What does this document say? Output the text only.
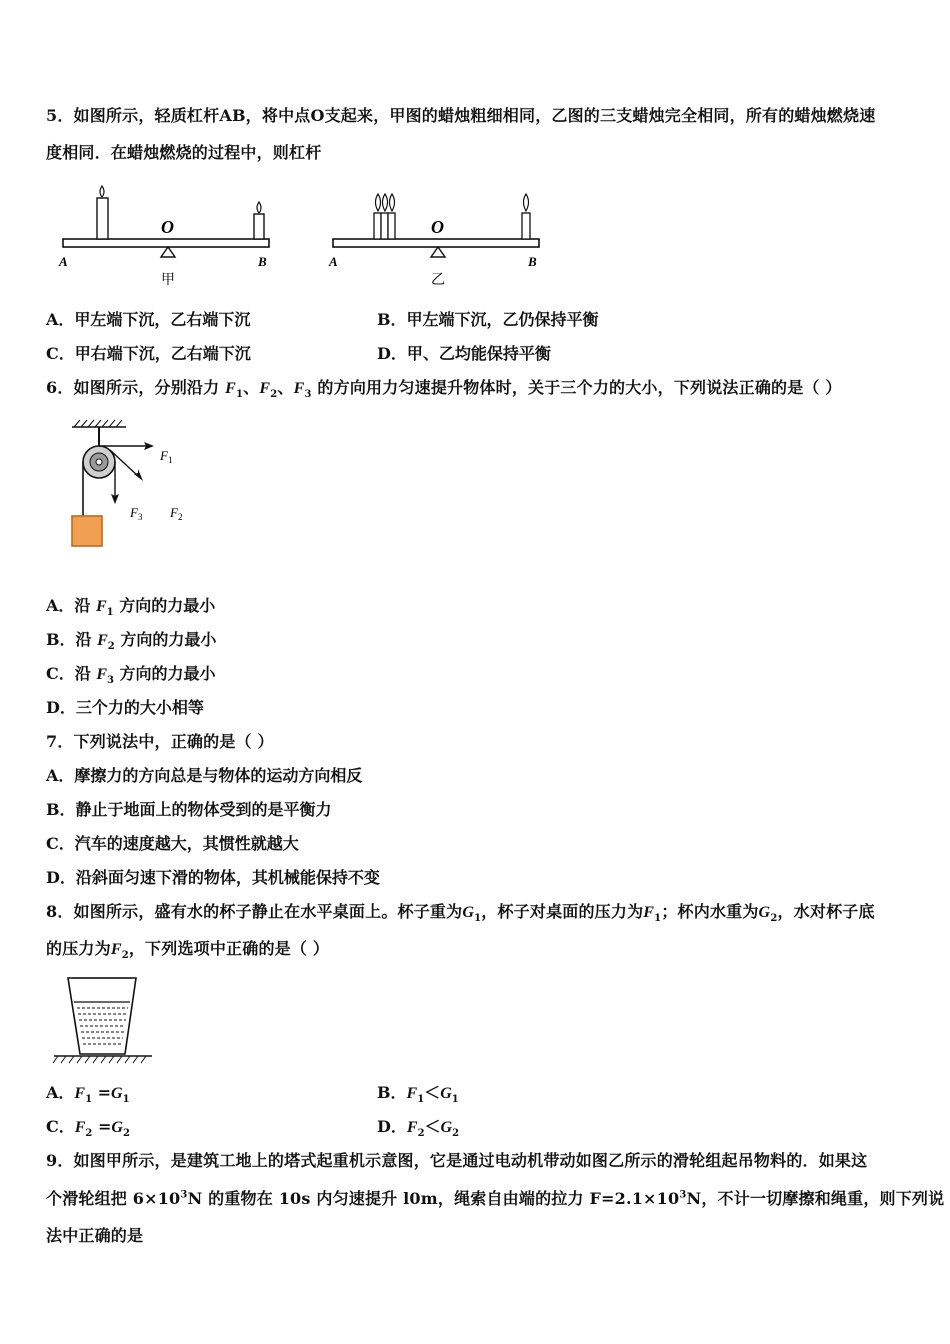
5．如图所示，轻质杠杆AB，将中点O支起来，甲图的蜡烛粗细相同，乙图的三支蜡烛完全相同，所有的蜡烛燃烧速
度相同．在蜡烛燃烧的过程中，则杠杆
O
A	B
甲
O
A	B
乙
A．甲左端下沉，乙右端下沉	B．甲左端下沉，乙仍保持平衡
C．甲右端下沉，乙右端下沉	D．甲、乙均能保持平衡
6．如图所示，分别沿力 $F_1$、$F_2$、$F_3$ 的方向用力匀速提升物体时，关于三个力的大小，下列说法正确的是（ ）
F 1
F 2
F 3
A．沿 $F_1$ 方向的力最小
B．沿 $F_2$ 方向的力最小
C．沿 $F_3$ 方向的力最小
D．三个力的大小相等
7．下列说法中，正确的是（ ）
A．摩擦力的方向总是与物体的运动方向相反
B．静止于地面上的物体受到的是平衡力
C．汽车的速度越大，其惯性就越大
D．沿斜面匀速下滑的物体，其机械能保持不变
8．如图所示，盛有水的杯子静止在水平桌面上。杯子重为$G_1$，杯子对桌面的压力为$F_1$；杯内水重为$G_2$，水对杯子底
的压力为$F_2$，下列选项中正确的是（ ）
A．$F_1 =G_1$	B．$F_1<G_1$
C．$F_2 =G_2$	D．$F_2<G_2$
9．如图甲所示，是建筑工地上的塔式起重机示意图，它是通过电动机带动如图乙所示的滑轮组起吊物料的．如果这
个滑轮组把 $6\times 10^3N$ 的重物在 10s 内匀速提升 l0m，绳索自由端的拉力 $F=2.1\times 10^3N$，不计一切摩擦和绳重，则下列说
法中正确的是
